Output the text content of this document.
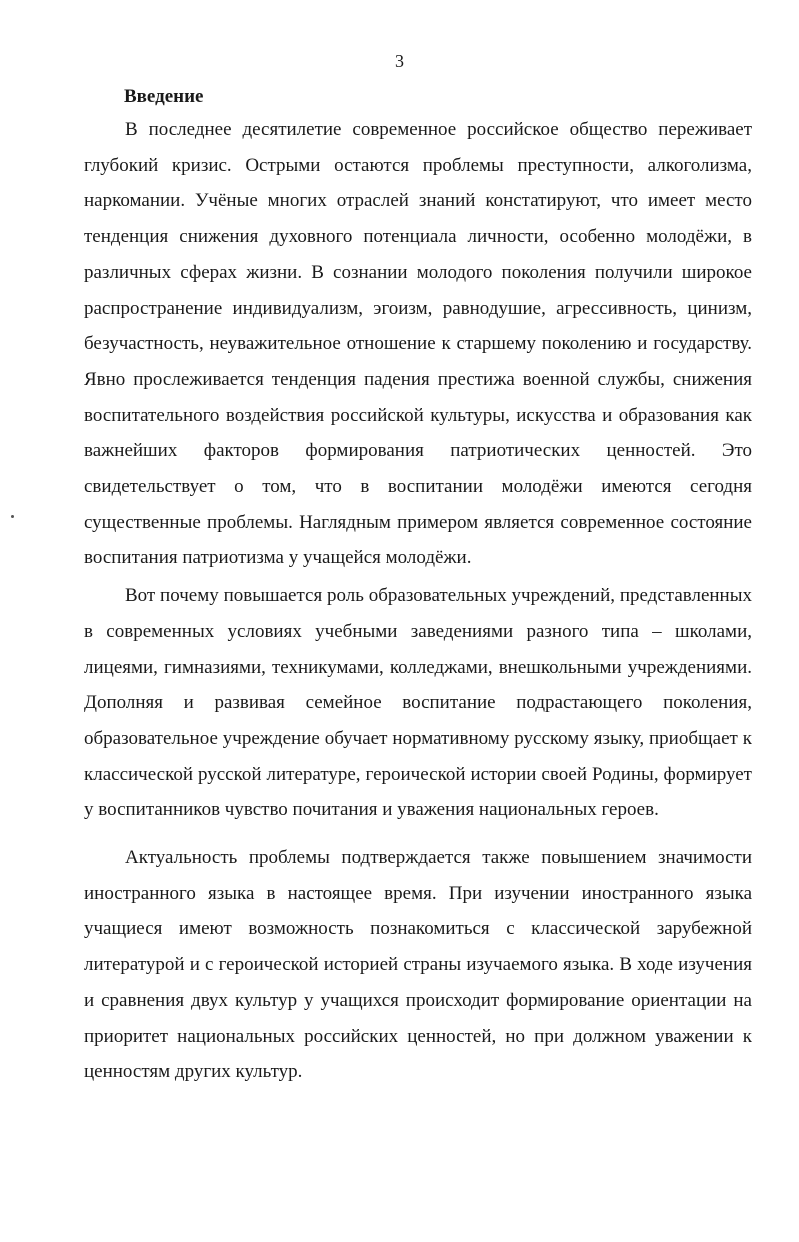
3
Введение

В последнее десятилетие современное российское общество переживает глубокий кризис. Острыми остаются проблемы преступности, алкоголизма, наркомании. Учёные многих отраслей знаний констатируют, что имеет место тенденция снижения духовного потенциала личности, особенно молодёжи, в различных сферах жизни. В сознании молодого поколения получили широкое распространение индивидуализм, эгоизм, равнодушие, агрессивность, цинизм, безучастность, неуважительное отношение к старшему поколению и государству. Явно прослеживается тенденция падения престижа военной службы, снижения воспитательного воздействия российской культуры, искусства и образования как важнейших факторов формирования патриотических ценностей. Это свидетельствует о том, что в воспитании молодёжи имеются сегодня существенные проблемы. Наглядным примером является современное состояние воспитания патриотизма у учащейся молодёжи.

Вот почему повышается роль образовательных учреждений, представленных в современных условиях учебными заведениями разного типа – школами, лицеями, гимназиями, техникумами, колледжами, внешкольными учреждениями. Дополняя и развивая семейное воспитание подрастающего поколения, образовательное учреждение обучает нормативному русскому языку, приобщает к классической русской литературе, героической истории своей Родины, формирует у воспитанников чувство почитания и уважения национальных героев.

Актуальность проблемы подтверждается также повышением значимости иностранного языка в настоящее время. При изучении иностранного языка учащиеся имеют возможность познакомиться с классической зарубежной литературой и с героической историей страны изучаемого языка. В ходе изучения и сравнения двух культур у учащихся происходит формирование ориентации на приоритет национальных российских ценностей, но при должном уважении к ценностям других культур.
